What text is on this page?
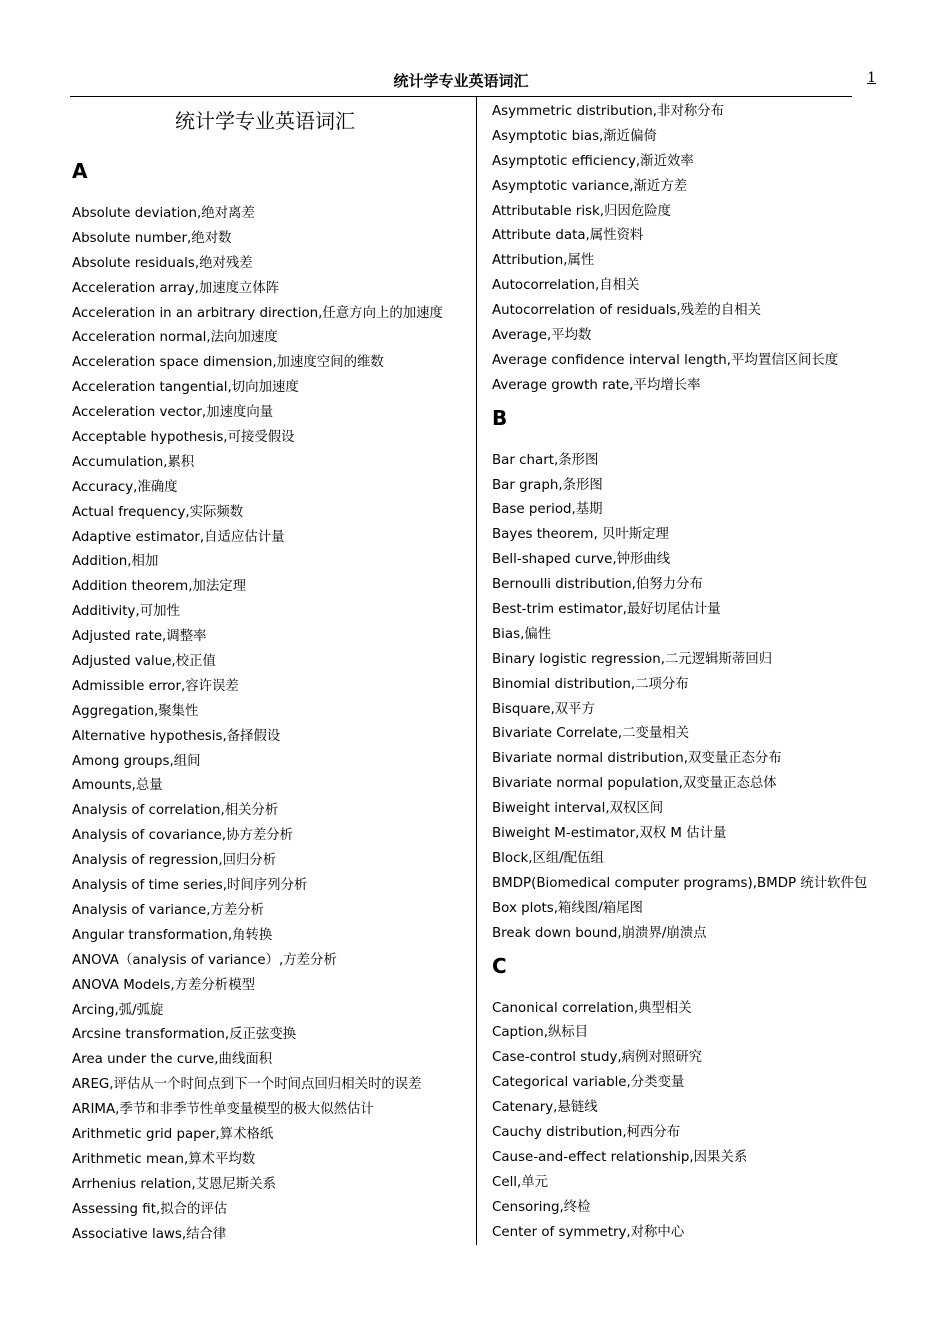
统计学专业英语词汇	1
统计学专业英语词汇
A
Absolute deviation,绝对离差
Absolute number,绝对数
Absolute residuals,绝对残差
Acceleration array,加速度立体阵
Acceleration in an arbitrary direction,任意方向上的加速度
Acceleration normal,法向加速度
Acceleration space dimension,加速度空间的维数
Acceleration tangential,切向加速度
Acceleration vector,加速度向量
Acceptable hypothesis,可接受假设
Accumulation,累积
Accuracy,准确度
Actual frequency,实际频数
Adaptive estimator,自适应估计量
Addition,相加
Addition theorem,加法定理
Additivity,可加性
Adjusted rate,调整率
Adjusted value,校正值
Admissible error,容许误差
Aggregation,聚集性
Alternative hypothesis,备择假设
Among groups,组间
Amounts,总量
Analysis of correlation,相关分析
Analysis of covariance,协方差分析
Analysis of regression,回归分析
Analysis of time series,时间序列分析
Analysis of variance,方差分析
Angular transformation,角转换
ANOVA（analysis of variance）,方差分析
ANOVA Models,方差分析模型
Arcing,弧/弧旋
Arcsine transformation,反正弦变换
Area under the curve,曲线面积
AREG,评估从一个时间点到下一个时间点回归相关时的误差
ARIMA,季节和非季节性单变量模型的极大似然估计
Arithmetic grid paper,算术格纸
Arithmetic mean,算术平均数
Arrhenius relation,艾恩尼斯关系
Assessing fit,拟合的评估
Associative laws,结合律
Asymmetric distribution,非对称分布
Asymptotic bias,渐近偏倚
Asymptotic efficiency,渐近效率
Asymptotic variance,渐近方差
Attributable risk,归因危险度
Attribute data,属性资料
Attribution,属性
Autocorrelation,自相关
Autocorrelation of residuals,残差的自相关
Average,平均数
Average confidence interval length,平均置信区间长度
Average growth rate,平均增长率
B
Bar chart,条形图
Bar graph,条形图
Base period,基期
Bayes theorem, 贝叶斯定理
Bell-shaped curve,钟形曲线
Bernoulli distribution,伯努力分布
Best-trim estimator,最好切尾估计量
Bias,偏性
Binary logistic regression,二元逻辑斯蒂回归
Binomial distribution,二项分布
Bisquare,双平方
Bivariate Correlate,二变量相关
Bivariate normal distribution,双变量正态分布
Bivariate normal population,双变量正态总体
Biweight interval,双权区间
Biweight M-estimator,双权 M 估计量
Block,区组/配伍组
BMDP(Biomedical computer programs),BMDP 统计软件包
Box plots,箱线图/箱尾图
Break down bound,崩溃界/崩溃点
C
Canonical correlation,典型相关
Caption,纵标目
Case-control study,病例对照研究
Categorical variable,分类变量
Catenary,悬链线
Cauchy distribution,柯西分布
Cause-and-effect relationship,因果关系
Cell,单元
Censoring,终检
Center of symmetry,对称中心
